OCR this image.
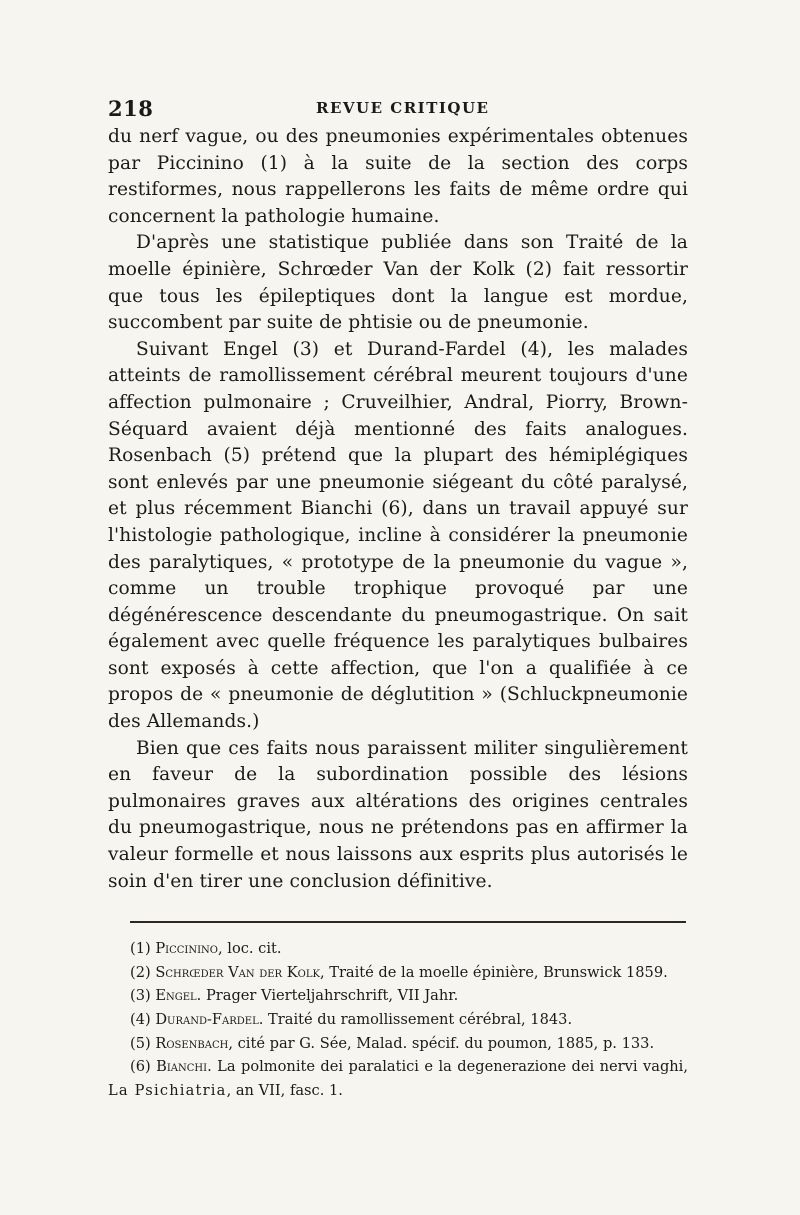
218	REVUE CRITIQUE

du nerf vague, ou des pneumonies expérimentales obtenues par Piccinino (1) à la suite de la section des corps restiformes, nous rappellerons les faits de même ordre qui concernent la pathologie humaine.

D'après une statistique publiée dans son Traité de la moelle épinière, Schrœder Van der Kolk (2) fait ressortir que tous les épileptiques dont la langue est mordue, succombent par suite de phtisie ou de pneumonie.

Suivant Engel (3) et Durand-Fardel (4), les malades atteints de ramollissement cérébral meurent toujours d'une affection pulmonaire ; Cruveilhier, Andral, Piorry, Brown-Séquard avaient déjà mentionné des faits analogues. Rosenbach (5) prétend que la plupart des hémiplégiques sont enlevés par une pneumonie siégeant du côté paralysé, et plus récemment Bianchi (6), dans un travail appuyé sur l'histologie pathologique, incline à considérer la pneumonie des paralytiques, « prototype de la pneumonie du vague », comme un trouble trophique provoqué par une dégénérescence descendante du pneumogastrique. On sait également avec quelle fréquence les paralytiques bulbaires sont exposés à cette affection, que l'on a qualifiée à ce propos de « pneumonie de déglutition » (Schluckpneumonie des Allemands.)

Bien que ces faits nous paraissent militer singulièrement en faveur de la subordination possible des lésions pulmonaires graves aux altérations des origines centrales du pneumogastrique, nous ne prétendons pas en affirmer la valeur formelle et nous laissons aux esprits plus autorisés le soin d'en tirer une conclusion définitive.

(1) Piccinino, loc. cit.

(2) Schrœder Van der Kolk, Traité de la moelle épinière, Brunswick 1859.

(3) Engel. Prager Vierteljahrschrift, VII Jahr.

(4) Durand-Fardel. Traité du ramollissement cérébral, 1843.

(5) Rosenbach, cité par G. Sée, Malad. spécif. du poumon, 1885, p. 133.

(6) Bianchi. La polmonite dei paralatici e la degenerazione dei nervi vaghi, La Psichiatria, an VII, fasc. 1.
